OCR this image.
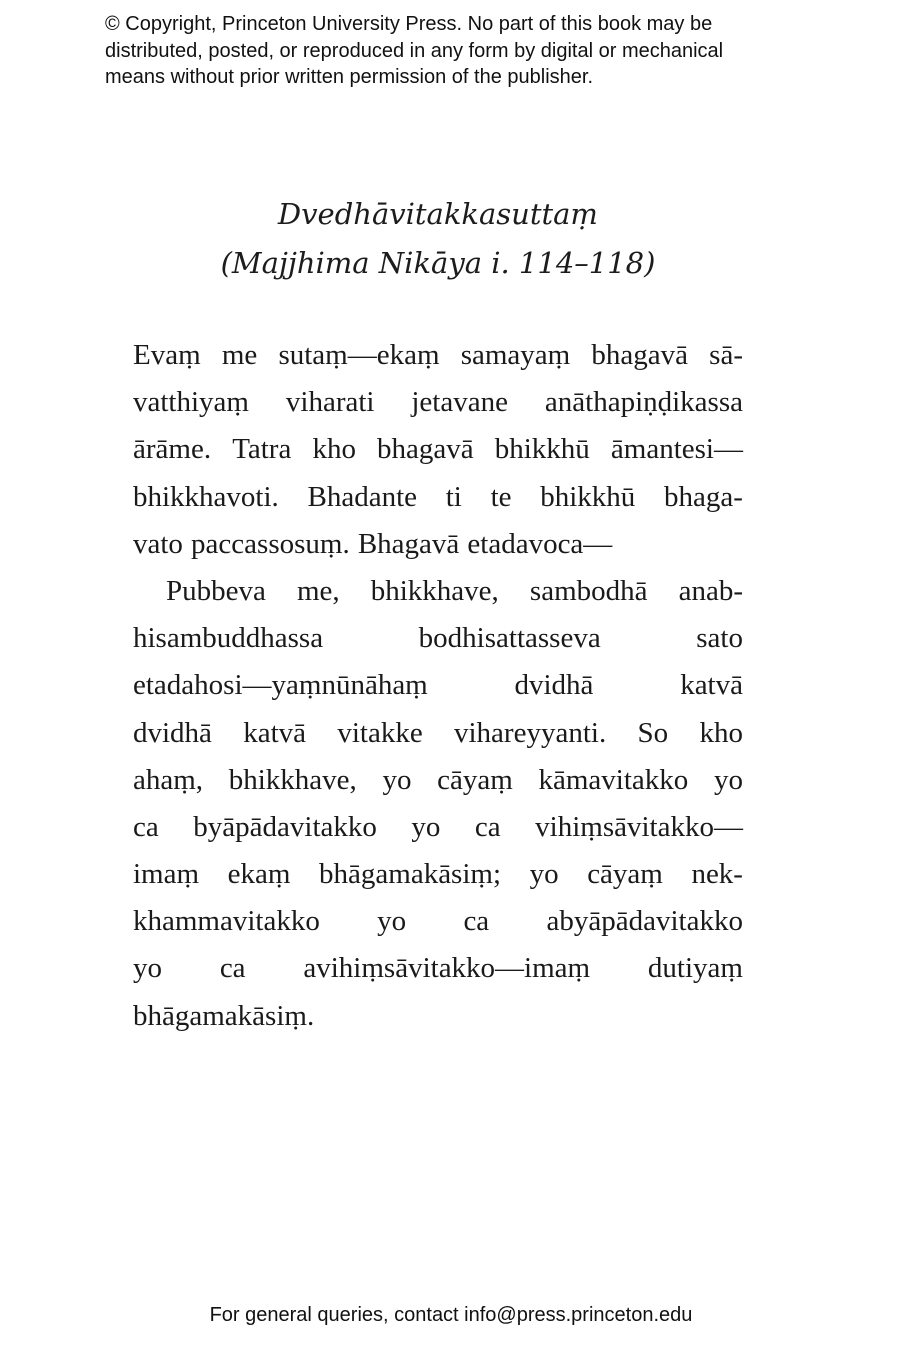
© Copyright, Princeton University Press. No part of this book may be
distributed, posted, or reproduced in any form by digital or mechanical
means without prior written permission of the publisher.
Dvedhāvitakkasuttaṃ
(Majjhima Nikāya i. 114–118)
Evaṃ me sutaṃ—ekaṃ samayaṃ bhagavā sā-
vatthiyaṃ viharati jetavane anāthapiṇḍikassa
ārāme. Tatra kho bhagavā bhikkhū āmantesi—
bhikkhavoti. Bhadante ti te bhikkhū bhaga-
vato paccassosuṃ. Bhagavā etadavoca—
Pubbeva me, bhikkhave, sambodhā anab-
hisambuddhassa	bodhisattasseva	sato
etadahosi—yaṃnūnāhaṃ	dvidhā	katvā
dvidhā katvā vitakke vihareyyanti. So kho
ahaṃ, bhikkhave, yo cāyaṃ kāmavitakko yo
ca byāpādavitakko yo ca vihiṃsāvitakko—
imaṃ ekaṃ bhāgamakāsiṃ; yo cāyaṃ nek-
khammavitakko yo ca abyāpādavitakko
yo ca avihiṃsāvitakko—imaṃ dutiyaṃ
bhāgamakāsiṃ.
For general queries, contact info@press.princeton.edu
